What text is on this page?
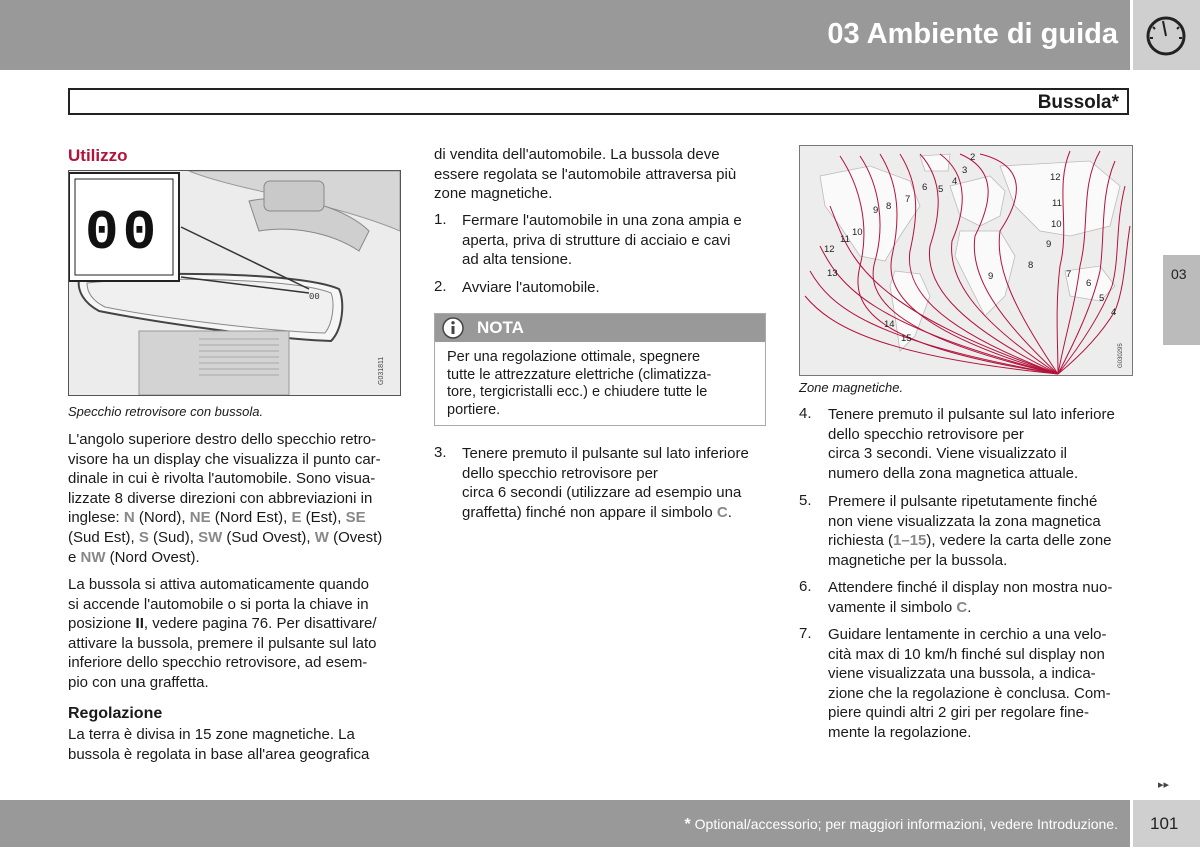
03 Ambiente di guida
Bussola*
03
Utilizzo
00
G031811
00
Specchio retrovisore con bussola.
L'angolo superiore destro dello specchio retro-
visore ha un display che visualizza il punto car-
dinale in cui è rivolta l'automobile. Sono visua-
lizzate 8 diverse direzioni con abbreviazioni in
inglese: N (Nord), NE (Nord Est), E (Est), SE
(Sud Est), S (Sud), SW (Sud Ovest), W (Ovest)
e NW (Nord Ovest).
La bussola si attiva automaticamente quando
si accende l'automobile o si porta la chiave in
posizione II, vedere pagina 76. Per disattivare/
attivare la bussola, premere il pulsante sul lato
inferiore dello specchio retrovisore, ad esem-
pio con una graffetta.
Regolazione
La terra è divisa in 15 zone magnetiche. La
bussola è regolata in base all'area geografica
di vendita dell'automobile. La bussola deve
essere regolata se l'automobile attraversa più
zone magnetiche.
1. Fermare l'automobile in una zona ampia e
aperta, priva di strutture di acciaio e cavi
ad alta tensione.
2. Avviare l'automobile.
NOTA
Per una regolazione ottimale, spegnere
tutte le attrezzature elettriche (climatizza-
tore, tergicristalli ecc.) e chiudere tutte le
portiere.
3. Tenere premuto il pulsante sul lato inferiore
dello specchio retrovisore per
circa 6 secondi (utilizzare ad esempio una
graffetta) finché non appare il simbolo C.
2
3
4
5
6
7
8
9
10
11
12
13	9
8
7
6
5
4
14
15
12
11
10
9
G030295
Zone magnetiche.
4. Tenere premuto il pulsante sul lato inferiore
dello specchio retrovisore per
circa 3 secondi. Viene visualizzato il
numero della zona magnetica attuale.
5. Premere il pulsante ripetutamente finché
non viene visualizzata la zona magnetica
richiesta (1–15), vedere la carta delle zone
magnetiche per la bussola.
6. Attendere finché il display non mostra nuo-
vamente il simbolo C.
7. Guidare lentamente in cerchio a una velo-
cità max di 10 km/h finché sul display non
viene visualizzata una bussola, a indica-
zione che la regolazione è conclusa. Com-
piere quindi altri 2 giri per regolare fine-
mente la regolazione.
▸▸
* Optional/accessorio; per maggiori informazioni, vedere Introduzione. 101
